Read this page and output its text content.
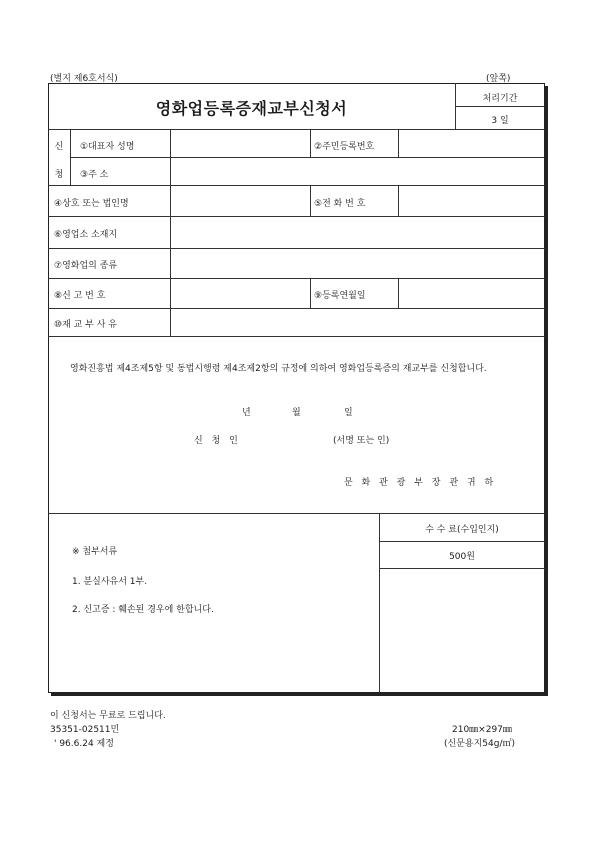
(별지 제6호서식)	(앞쪽)
영화업등록증재교부신청서	처리기간
3 일
신
청
①대표자 성명	②주민등록번호
③주 소
④상호 또는 법인명	⑤전 화 번 호
⑥영업소 소재지
⑦영화업의 종류
⑧신 고 번 호	⑨등록연월일
⑩재 교 부 사 유
영화진흥법 제4조제5항 및 동법시행령 제4조제2항의 규정에 의하여 영화업등록증의 재교부를 신청합니다.
년	월	일
신 청 인	(서명 또는 인)
문 화 관 광 부 장 관 귀 하
수 수 료(수입인지)
500원
※ 첨부서류
1. 분실사유서 1부.
2. 신고증 : 훼손된 경우에 한합니다.
이 신청서는 무료로 드립니다.
35351-02511민
' 96.6.24 제정
210㎜×297㎜
(신문용지54g/㎡)
